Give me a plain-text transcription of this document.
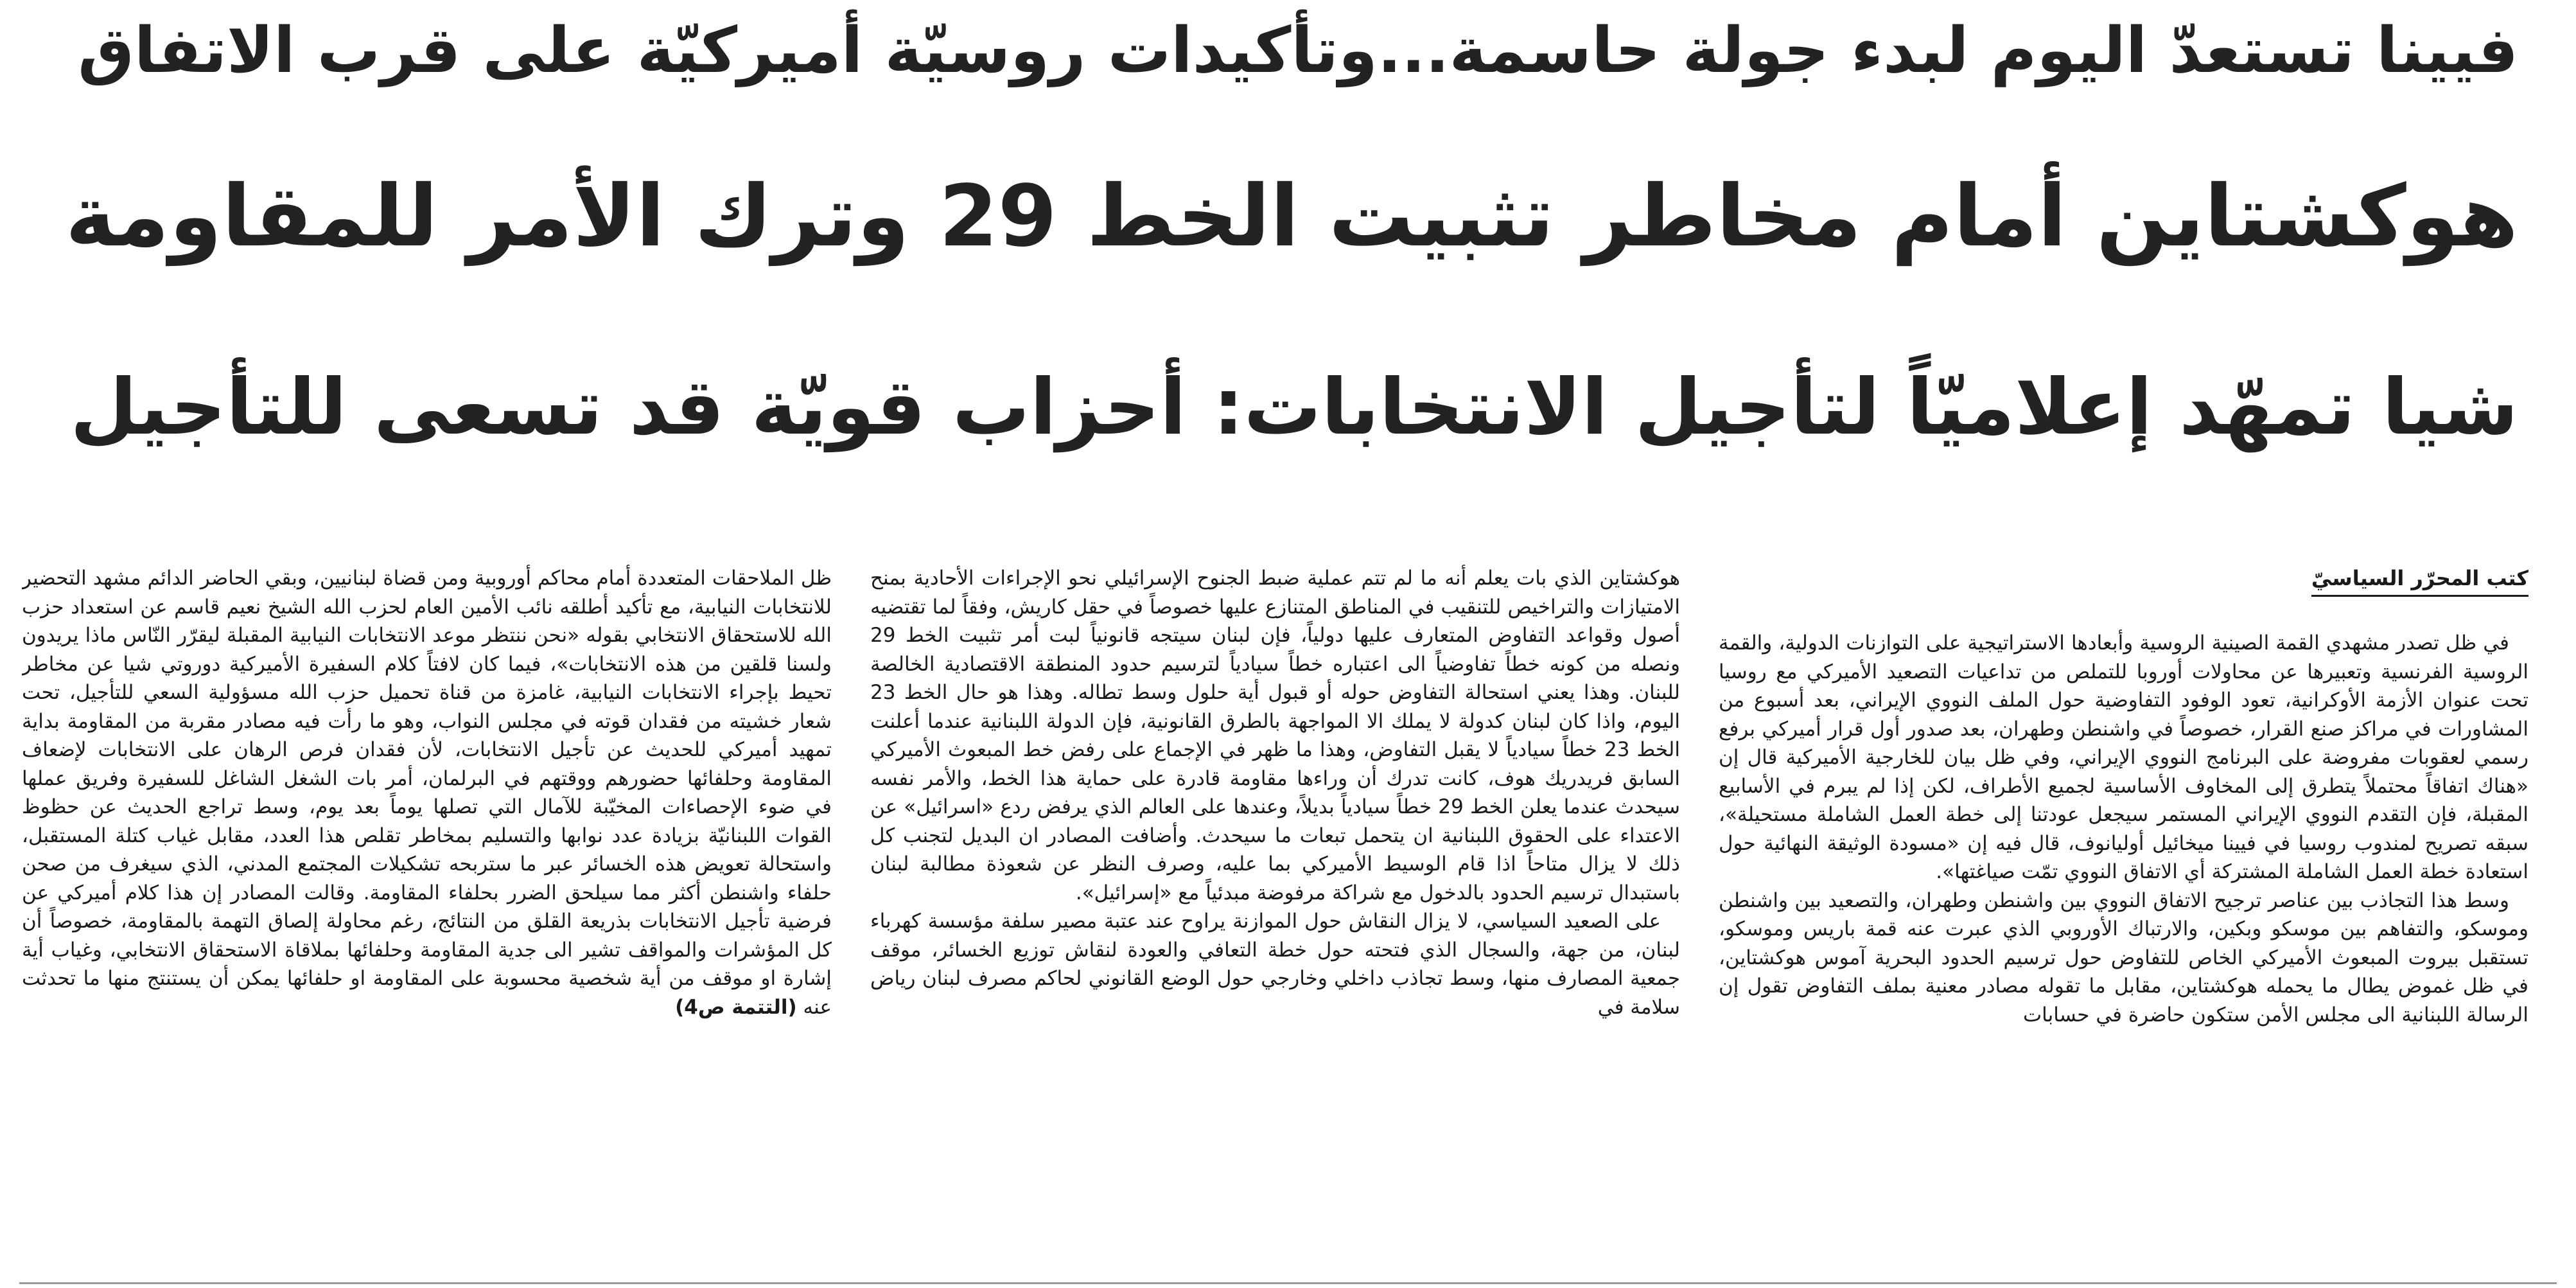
فيينا تستعدّ اليوم لبدء جولة حاسمة...وتأكيدات روسيّة أميركيّة على قرب الاتفاق
هوكشتاين أمام مخاطر تثبيت الخط 29 وترك الأمر للمقاومة
شيا تمهّد إعلاميّاً لتأجيل الانتخابات: أحزاب قويّة قد تسعى للتأجيل
كتب المحرّر السياسيّ

في ظل تصدر مشهدي القمة الصينية الروسية وأبعادها الاستراتيجية على التوازنات الدولية، والقمة الروسية الفرنسية وتعبيرها عن محاولات أوروبا للتملص من تداعيات التصعيد الأميركي مع روسيا تحت عنوان الأزمة الأوكرانية، تعود الوفود التفاوضية حول الملف النووي الإيراني، بعد أسبوع من المشاورات في مراكز صنع القرار، خصوصاً في واشنطن وطهران، بعد صدور أول قرار أميركي برفع رسمي لعقوبات مفروضة على البرنامج النووي الإيراني، وفي ظل بيان للخارجية الأميركية قال إن «هناك اتفاقاً محتملاً يتطرق إلى المخاوف الأساسية لجميع الأطراف، لكن إذا لم يبرم في الأسابيع المقبلة، فإن التقدم النووي الإيراني المستمر سيجعل عودتنا إلى خطة العمل الشاملة مستحيلة»، سبقه تصريح لمندوب روسيا في فيينا ميخائيل أوليانوف، قال فيه إن «مسودة الوثيقة النهائية حول استعادة خطة العمل الشاملة المشتركة أي الاتفاق النووي تمّت صياغتها».

وسط هذا التجاذب بين عناصر ترجيح الاتفاق النووي بين واشنطن وطهران، والتصعيد بين واشنطن وموسكو، والتفاهم بين موسكو وبكين، والارتباك الأوروبي الذي عبرت عنه قمة باريس وموسكو، تستقبل بيروت المبعوث الأميركي الخاص للتفاوض حول ترسيم الحدود البحرية آموس هوكشتاين، في ظل غموض يطال ما يحمله هوكشتاين، مقابل ما تقوله مصادر معنية بملف التفاوض تقول إن الرسالة اللبنانية الى مجلس الأمن ستكون حاضرة في حسابات

هوكشتاين الذي بات يعلم أنه ما لم تتم عملية ضبط الجنوح الإسرائيلي نحو الإجراءات الأحادية بمنح الامتيازات والتراخيص للتنقيب في المناطق المتنازع عليها خصوصاً في حقل كاريش، وفقاً لما تقتضيه أصول وقواعد التفاوض المتعارف عليها دولياً، فإن لبنان سيتجه قانونياً لبت أمر تثبيت الخط 29 ونصله من كونه خطاً تفاوضياً الى اعتباره خطاً سيادياً لترسيم حدود المنطقة الاقتصادية الخالصة للبنان. وهذا يعني استحالة التفاوض حوله أو قبول أية حلول وسط تطاله. وهذا هو حال الخط 23 اليوم، واذا كان لبنان كدولة لا يملك الا المواجهة بالطرق القانونية، فإن الدولة اللبنانية عندما أعلنت الخط 23 خطاً سيادياً لا يقبل التفاوض، وهذا ما ظهر في الإجماع على رفض خط المبعوث الأميركي السابق فريدريك هوف، كانت تدرك أن وراءها مقاومة قادرة على حماية هذا الخط، والأمر نفسه سيحدث عندما يعلن الخط 29 خطاً سيادياً بديلاً، وعندها على العالم الذي يرفض ردع «اسرائيل» عن الاعتداء على الحقوق اللبنانية ان يتحمل تبعات ما سيحدث. وأضافت المصادر ان البديل لتجنب كل ذلك لا يزال متاحاً اذا قام الوسيط الأميركي بما عليه، وصرف النظر عن شعوذة مطالبة لبنان باستبدال ترسيم الحدود بالدخول مع شراكة مرفوضة مبدئياً مع «إسرائيل».

على الصعيد السياسي، لا يزال النقاش حول الموازنة يراوح عند عتبة مصير سلفة مؤسسة كهرباء لبنان، من جهة، والسجال الذي فتحته حول خطة التعافي والعودة لنقاش توزيع الخسائر، موقف جمعية المصارف منها، وسط تجاذب داخلي وخارجي حول الوضع القانوني لحاكم مصرف لبنان رياض سلامة في

ظل الملاحقات المتعددة أمام محاكم أوروبية ومن قضاة لبنانيين، وبقي الحاضر الدائم مشهد التحضير للانتخابات النيابية، مع تأكيد أطلقه نائب الأمين العام لحزب الله الشيخ نعيم قاسم عن استعداد حزب الله للاستحقاق الانتخابي بقوله «نحن ننتظر موعد الانتخابات النيابية المقبلة ليقرّر النّاس ماذا يريدون ولسنا قلقين من هذه الانتخابات»، فيما كان لافتاً كلام السفيرة الأميركية دوروتي شيا عن مخاطر تحيط بإجراء الانتخابات النيابية، غامزة من قناة تحميل حزب الله مسؤولية السعي للتأجيل، تحت شعار خشيته من فقدان قوته في مجلس النواب، وهو ما رأت فيه مصادر مقربة من المقاومة بداية تمهيد أميركي للحديث عن تأجيل الانتخابات، لأن فقدان فرص الرهان على الانتخابات لإضعاف المقاومة وحلفائها حضورهم ووقتهم في البرلمان، أمر بات الشغل الشاغل للسفيرة وفريق عملها في ضوء الإحصاءات المخيّبة للآمال التي تصلها يوماً بعد يوم، وسط تراجع الحديث عن حظوظ القوات اللبنانيّة بزيادة عدد نوابها والتسليم بمخاطر تقلص هذا العدد، مقابل غياب كتلة المستقبل، واستحالة تعويض هذه الخسائر عبر ما ستربحه تشكيلات المجتمع المدني، الذي سيغرف من صحن حلفاء واشنطن أكثر مما سيلحق الضرر بحلفاء المقاومة. وقالت المصادر إن هذا كلام أميركي عن فرضية تأجيل الانتخابات بذريعة القلق من النتائج، رغم محاولة إلصاق التهمة بالمقاومة، خصوصاً أن كل المؤشرات والمواقف تشير الى جدية المقاومة وحلفائها بملاقاة الاستحقاق الانتخابي، وغياب أية إشارة او موقف من أية شخصية محسوبة على المقاومة او حلفائها يمكن أن يستنتج منها ما تحدثت عنه (التتمة ص4)
